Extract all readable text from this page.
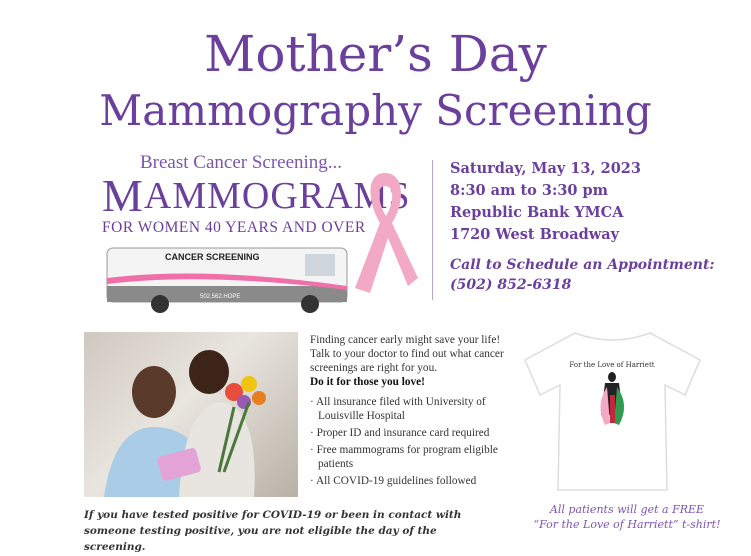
Mother’s Day
Mammography Screening
Breast Cancer Screening...
MAMMOGRAMS
FOR WOMEN 40 YEARS AND OVER
CANCER SCREENING
502.562.HOPE
Saturday, May 13, 2023
8:30 am to 3:30 pm
Republic Bank YMCA
1720 West Broadway
Call to Schedule an Appointment:
(502) 852-6318
Finding cancer early might save your life! Talk to your doctor to find out what cancer screenings are right for you.
Do it for those you love!
· All insurance filed with University of Louisville Hospital
· Proper ID and insurance card required
· Free mammograms for program eligible patients
· All COVID-19 guidelines followed
If you have tested positive for COVID-19 or been in contact with someone testing positive, you are not eligible the day of the screening.
For the Love of Harriett
All patients will get a FREE
“For the Love of Harriett” t-shirt!
